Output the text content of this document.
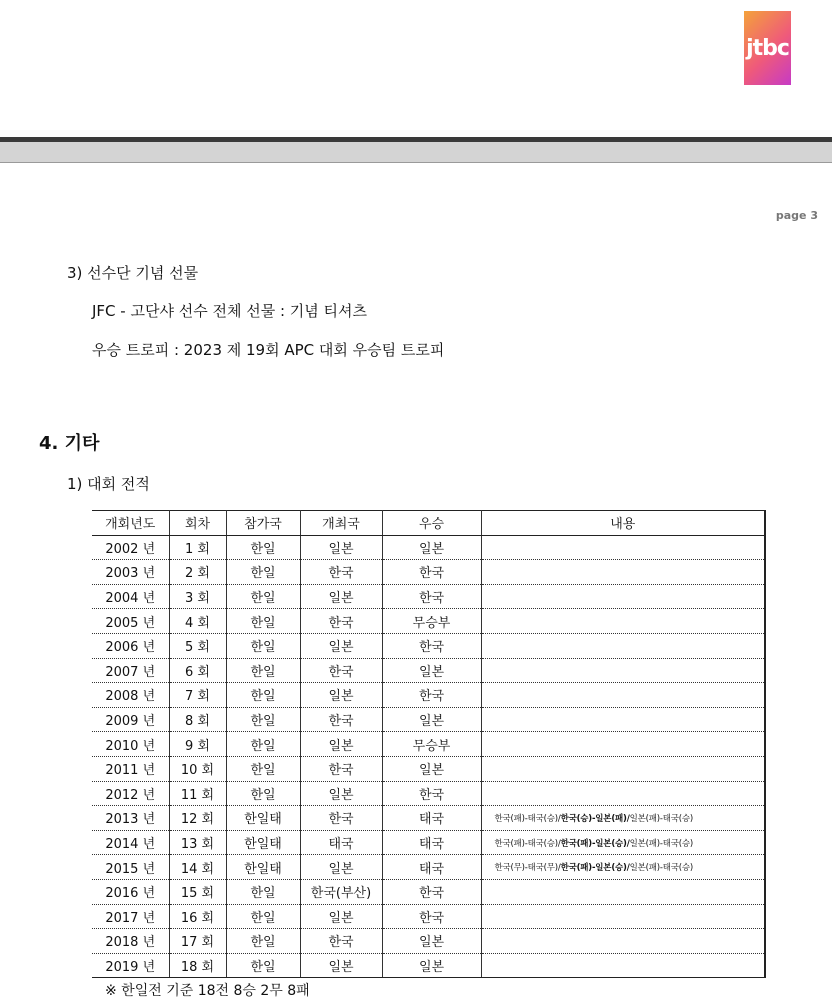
jtbc
page 3
3) 선수단 기념 선물
JFC - 고단샤 선수 전체 선물 : 기념 티셔츠
우승 트로피 : 2023 제 19회 APC 대회 우승팀 트로피
4. 기타
1) 대회 전적
개회년도	회차	참가국	개최국	우승	내용
2002 년	1 회	한일	일본	일본	
2003 년	2 회	한일	한국	한국	
2004 년	3 회	한일	일본	한국	
2005 년	4 회	한일	한국	무승부	
2006 년	5 회	한일	일본	한국	
2007 년	6 회	한일	한국	일본	
2008 년	7 회	한일	일본	한국	
2009 년	8 회	한일	한국	일본	
2010 년	9 회	한일	일본	무승부	
2011 년	10 회	한일	한국	일본	
2012 년	11 회	한일	일본	한국	
2013 년	12 회	한일태	한국	태국	한국(패)-태국(승)/한국(승)-일본(패)/일본(패)-태국(승)
2014 년	13 회	한일태	태국	태국	한국(패)-태국(승)/한국(패)-일본(승)/일본(패)-태국(승)
2015 년	14 회	한일태	일본	태국	한국(무)-태국(무)/한국(패)-일본(승)/일본(패)-태국(승)
2016 년	15 회	한일	한국(부산)	한국	
2017 년	16 회	한일	일본	한국	
2018 년	17 회	한일	한국	일본	
2019 년	18 회	한일	일본	일본	
※ 한일전 기준 18전 8승 2무 8패
